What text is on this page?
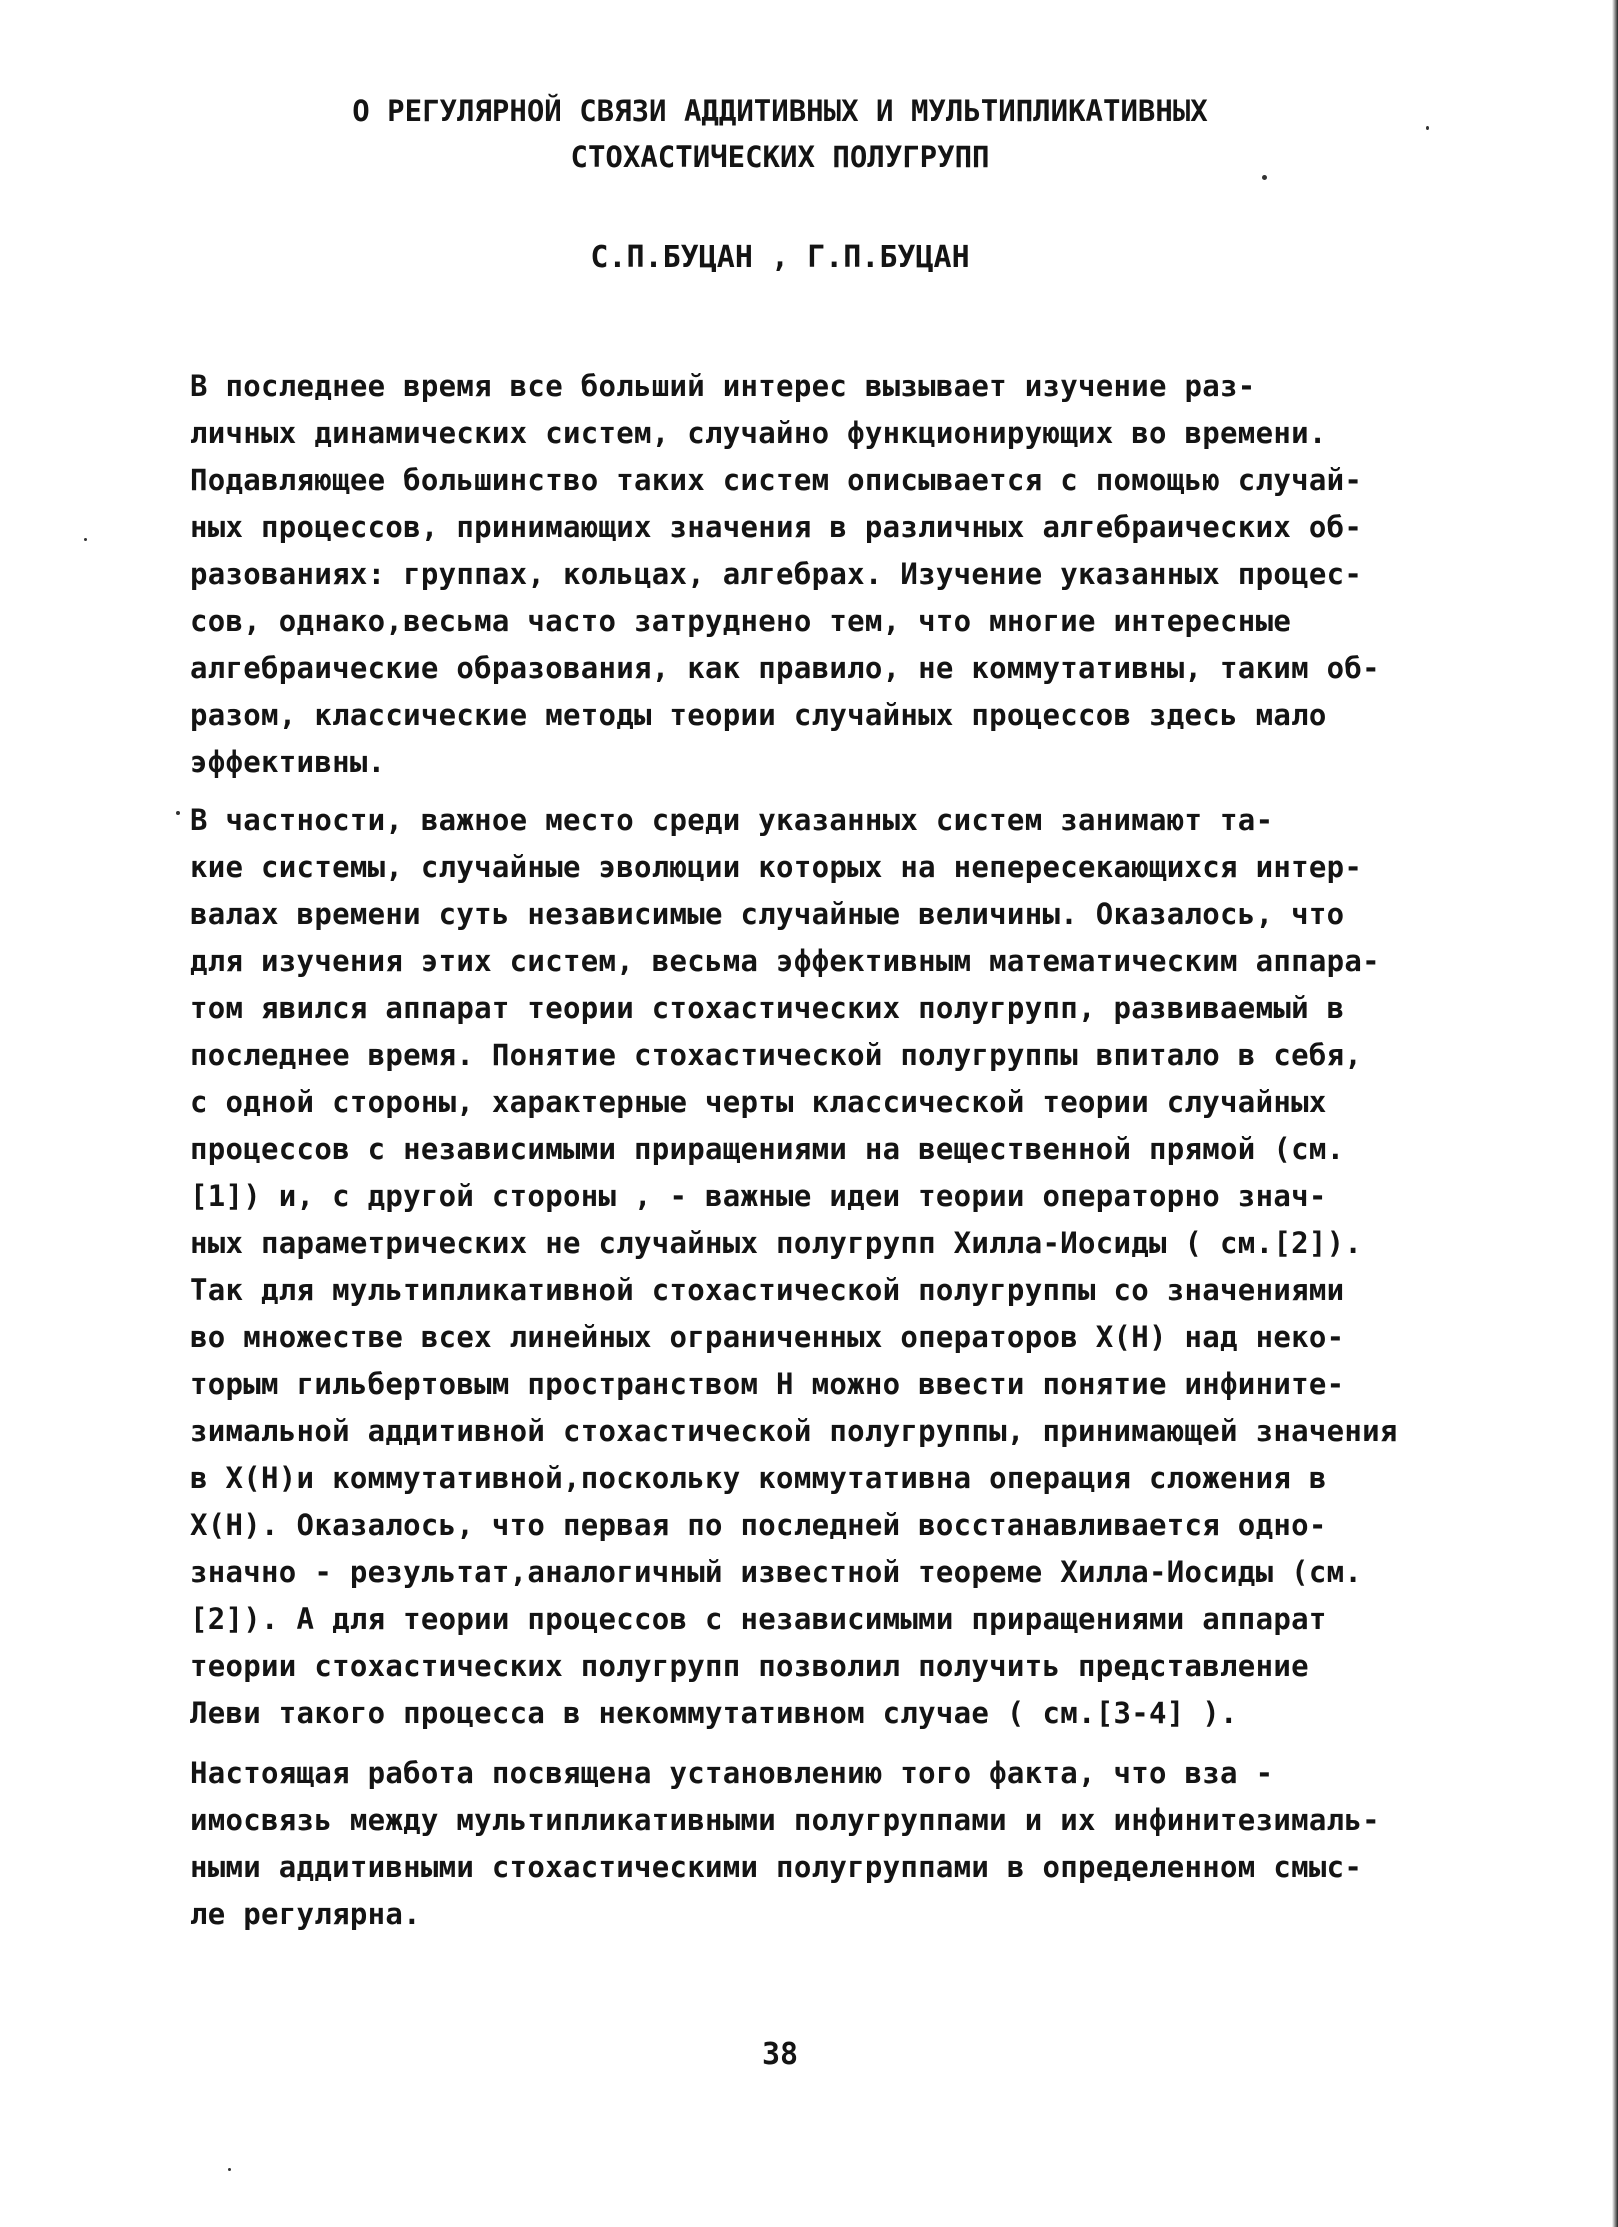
О РЕГУЛЯРНОЙ СВЯЗИ АДДИТИВНЫХ И МУЛЬТИПЛИКАТИВНЫХ
СТОХАСТИЧЕСКИХ ПОЛУГРУПП
С.П.БУЦАН , Г.П.БУЦАН
В последнее время все больший интерес вызывает изучение раз-
личных динамических систем, случайно функционирующих во времени.
Подавляющее большинство таких систем описывается с помощью случай-
ных процессов, принимающих значения в различных алгебраических об-
разованиях: группах, кольцах, алгебрах. Изучение указанных процес-
сов, однако,весьма часто затруднено тем, что многие интересные
алгебраические образования, как правило, не коммутативны, таким об-
разом, классические методы теории случайных процессов здесь мало
эффективны.
В частности, важное место среди указанных систем занимают та-
кие системы, случайные эволюции которых на непересекающихся интер-
валах времени суть независимые случайные величины. Оказалось, что
для изучения этих систем, весьма эффективным математическим аппара-
том явился аппарат теории стохастических полугрупп, развиваемый в
последнее время. Понятие стохастической полугруппы впитало в себя,
с одной стороны, характерные черты классической теории случайных
процессов с независимыми приращениями на вещественной прямой (см.
[1]) и, с другой стороны , - важные идеи теории операторно знач-
ных параметрических не случайных полугрупп Хилла-Иосиды ( см.[2]).
Так для мультипликативной стохастической полугруппы со значениями
во множестве всех линейных ограниченных операторов X(H) над неко-
торым гильбертовым пространством H можно ввести понятие инфините-
зимальной аддитивной стохастической полугруппы, принимающей значения
в X(H)и коммутативной,поскольку коммутативна операция сложения в
X(H). Оказалось, что первая по последней восстанавливается одно-
значно - результат,аналогичный известной теореме Хилла-Иосиды (см.
[2]). А для теории процессов с независимыми приращениями аппарат
теории стохастических полугрупп позволил получить представление
Леви такого процесса в некоммутативном случае ( см.[3-4] ).
Настоящая работа посвящена установлению того факта, что вза -
имосвязь между мультипликативными полугруппами и их инфинитезималь-
ными аддитивными стохастическими полугруппами в определенном смыс-
ле регулярна.
38
